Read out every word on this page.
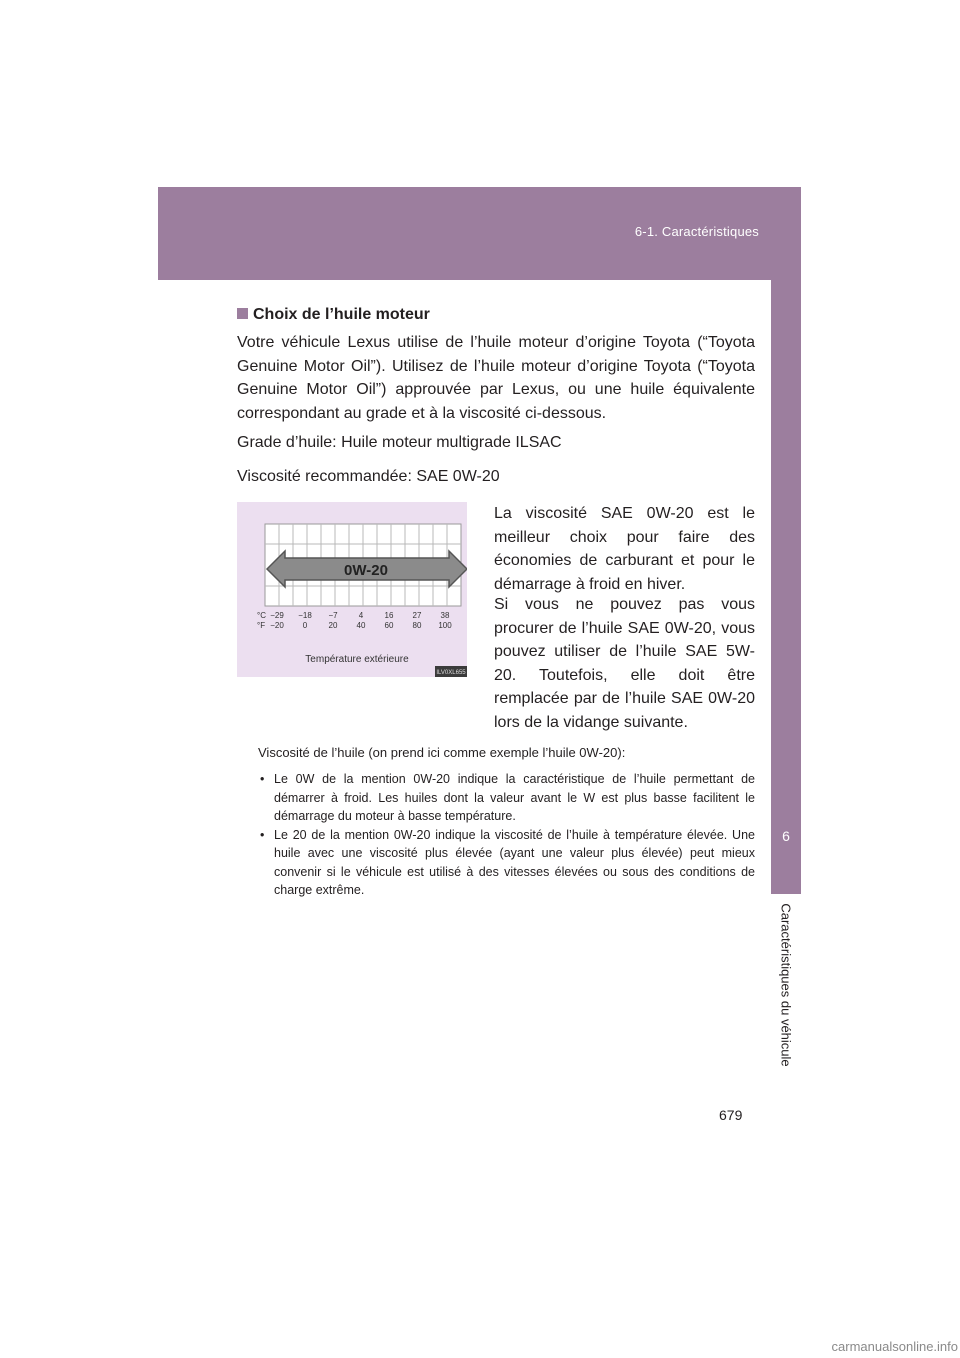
6-1. Caractéristiques
6
Caractéristiques du véhicule
Choix de l’huile moteur

Votre véhicule Lexus utilise de l’huile moteur d’origine Toyota (“Toyota Genuine Motor Oil”). Utilisez de l’huile moteur d’origine Toyota (“Toyota Genuine Motor Oil”) approuvée par Lexus, ou une huile équivalente correspondant au grade et à la viscosité ci-dessous.

Grade d’huile: Huile moteur multigrade ILSAC

Viscosité recommandée: SAE 0W-20

0W-20
°C
°F
−29 −18 −7	4	16 27 38
−20 0	20 40 60 80 100
Température extérieure
ILV0XL655

La viscosité SAE 0W-20 est le meilleur choix pour faire des économies de carburant et pour le démarrage à froid en hiver.

Si vous ne pouvez pas vous procurer de l’huile SAE 0W-20, vous pouvez utiliser de l’huile SAE 5W-20. Toutefois, elle doit être remplacée par de l’huile SAE 0W-20 lors de la vidange suivante.

Viscosité de l’huile (on prend ici comme exemple l’huile 0W-20):

• Le 0W de la mention 0W-20 indique la caractéristique de l’huile permettant de démarrer à froid. Les huiles dont la valeur avant le W est plus basse facilitent le démarrage du moteur à basse température.
• Le 20 de la mention 0W-20 indique la viscosité de l’huile à température élevée. Une huile avec une viscosité plus élevée (ayant une valeur plus élevée) peut mieux convenir si le véhicule est utilisé à des vitesses élevées ou sous des conditions de charge extrême.
679
carmanualsonline.info
